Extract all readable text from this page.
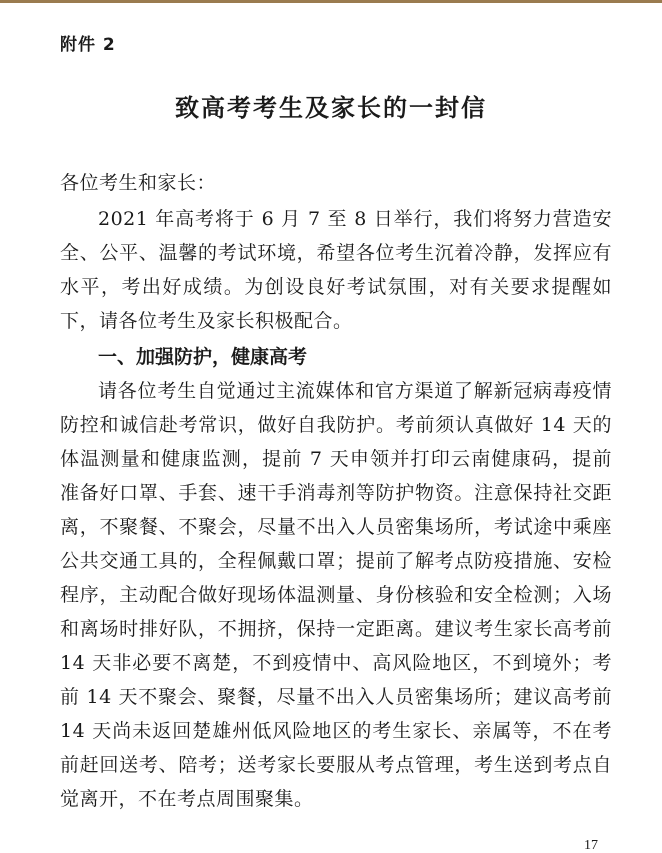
附件 2
致高考考生及家长的一封信
各位考生和家长：
2021 年高考将于 6 月 7 至 8 日举行，我们将努力营造安全、公平、温馨的考试环境，希望各位考生沉着冷静，发挥应有水平，考出好成绩。为创设良好考试氛围，对有关要求提醒如下，请各位考生及家长积极配合。
一、加强防护，健康高考
请各位考生自觉通过主流媒体和官方渠道了解新冠病毒疫情防控和诚信赴考常识，做好自我防护。考前须认真做好 14 天的体温测量和健康监测，提前 7 天申领并打印云南健康码，提前准备好口罩、手套、速干手消毒剂等防护物资。注意保持社交距离，不聚餐、不聚会，尽量不出入人员密集场所，考试途中乘座公共交通工具的，全程佩戴口罩；提前了解考点防疫措施、安检程序，主动配合做好现场体温测量、身份核验和安全检测；入场和离场时排好队，不拥挤，保持一定距离。建议考生家长高考前 14 天非必要不离楚，不到疫情中、高风险地区，不到境外；考前 14 天不聚会、聚餐，尽量不出入人员密集场所；建议高考前 14 天尚未返回楚雄州低风险地区的考生家长、亲属等，不在考前赶回送考、陪考；送考家长要服从考点管理，考生送到考点自觉离开，不在考点周围聚集。
17
